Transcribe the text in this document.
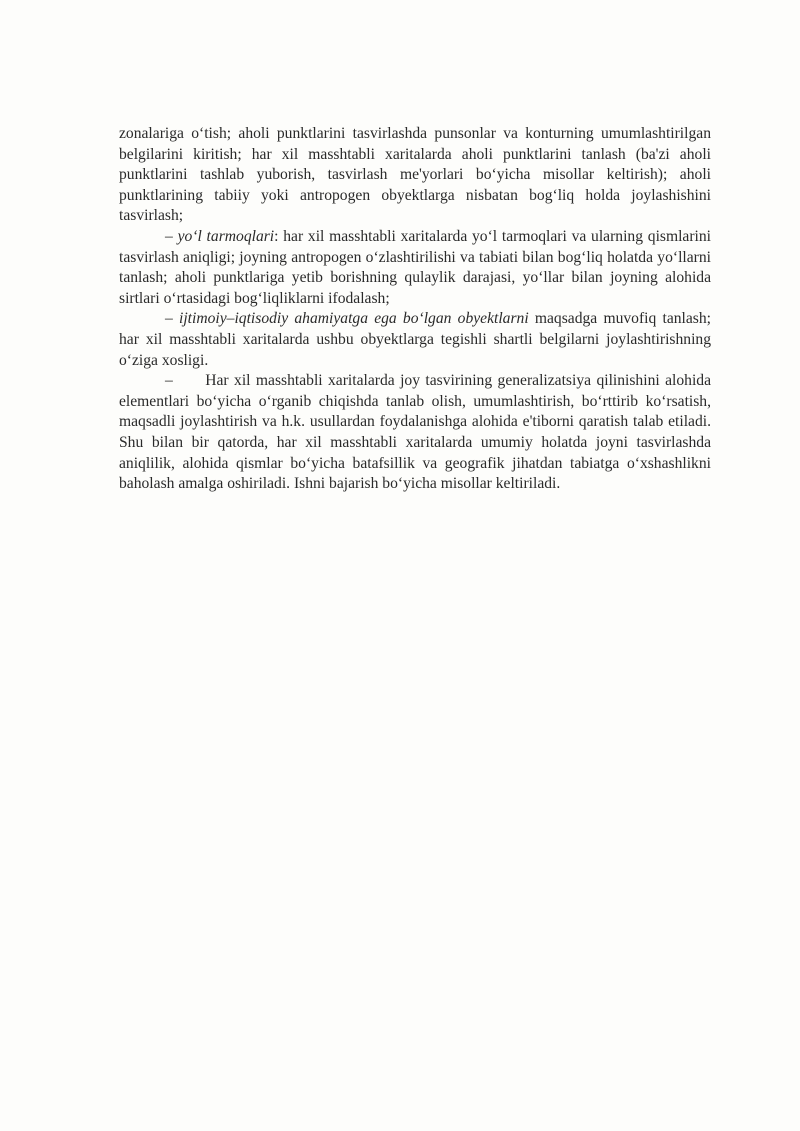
zonalariga o‘tish; aholi punktlarini tasvirlashda punsonlar va konturning umumlashtirilgan belgilarini kiritish; har xil masshtabli xaritalarda aholi punktlarini tanlash (ba'zi aholi punktlarini tashlab yuborish, tasvirlash me'yorlari bo‘yicha misollar keltirish); aholi punktlarining tabiiy yoki antropogen obyektlarga nisbatan bog‘liq holda joylashishini tasvirlash;

– yo‘l tarmoqlari: har xil masshtabli xaritalarda yo‘l tarmoqlari va ularning qismlarini tasvirlash aniqligi; joyning antropogen o‘zlashtirilishi va tabiati bilan bog‘liq holatda yo‘llarni tanlash; aholi punktlariga yetib borishning qulaylik darajasi, yo‘llar bilan joyning alohida sirtlari o‘rtasidagi bog‘liqliklarni ifodalash;

– ijtimoiy–iqtisodiy ahamiyatga ega bo‘lgan obyektlarni maqsadga muvofiq tanlash; har xil masshtabli xaritalarda ushbu obyektlarga tegishli shartli belgilarni joylashtirishning o‘ziga xosligi.

–      Har xil masshtabli xaritalarda joy tasvirining generalizatsiya qilinishini alohida elementlari bo‘yicha o‘rganib chiqishda tanlab olish, umumlashtirish, bo‘rttirib ko‘rsatish, maqsadli joylashtirish va h.k. usullardan foydalanishga alohida e'tiborni qaratish talab etiladi. Shu bilan bir qatorda, har xil masshtabli xaritalarda umumiy holatda joyni tasvirlashda aniqlilik, alohida qismlar bo‘yicha batafsillik va geografik jihatdan tabiatga o‘xshashlikni baholash amalga oshiriladi. Ishni bajarish bo‘yicha misollar keltiriladi.
